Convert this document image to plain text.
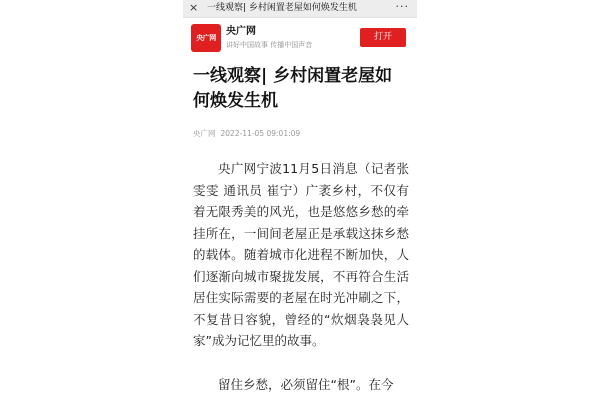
× 一线观察| 乡村闲置老屋如何焕发生机	···
央广网
央广网
讲好中国故事 传播中国声音
打开
一线观察| 乡村闲置老屋如何焕发生机
央广网 2022-11-05 09:01:09

央广网宁波11月5日消息（记者张雯雯 通讯员 崔宁）广袤乡村，不仅有着无限秀美的风光，也是悠悠乡愁的牵挂所在，一间间老屋正是承载这抹乡愁的载体。随着城市化进程不断加快，人们逐渐向城市聚拢发展，不再符合生活居住实际需要的老屋在时光冲刷之下，不复昔日容貌，曾经的“炊烟袅袅见人家”成为记忆里的故事。

留住乡愁，必须留住“根”。在今
